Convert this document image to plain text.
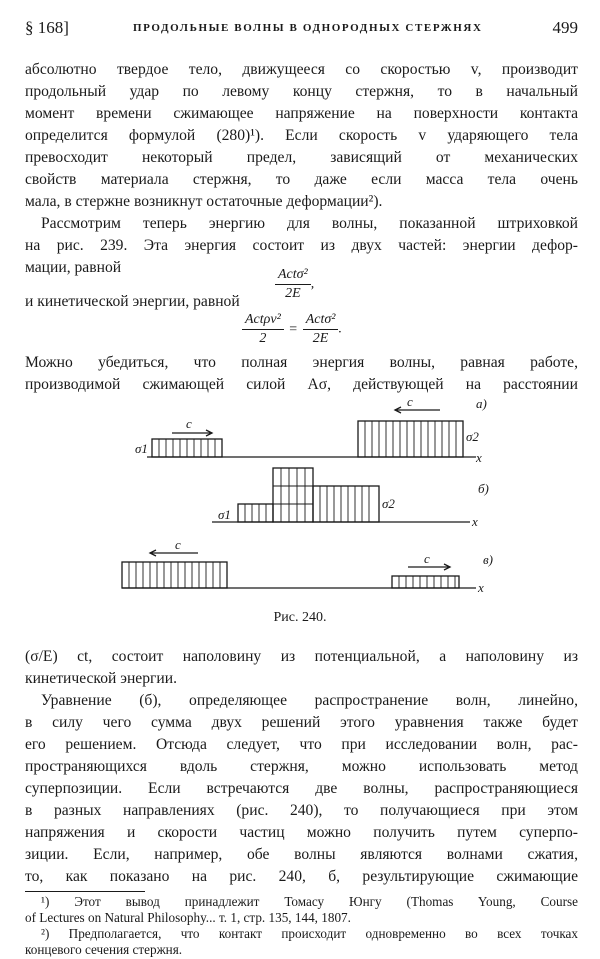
§ 168]	ПРОДОЛЬНЫЕ ВОЛНЫ В ОДНОРОДНЫХ СТЕРЖНЯХ	499
абсолютно твердое тело, движущееся со скоростью v, производит
продольный удар по левому концу стержня, то в начальный
момент времени сжимающее напряжение на поверхности контакта
определится формулой (280)¹). Если скорость v ударяющего тела
превосходит некоторый предел, зависящий от механических
свойств материала стержня, то даже если масса тела очень
мала, в стержне возникнут остаточные деформации²).
Рассмотрим теперь энергию для волны, показанной штриховкой
на рис. 239. Эта энергия состоит из двух частей: энергии дефор-
мации, равной	$\frac{\text{Actσ²}}{2E}$ ,
и кинетической энергии, равной
$\frac{\text{Actρv²}}{2} = \frac{\text{Actσ²}}{2E}$ .
Можно убедиться, что полная энергия волны, равная работе,
производимой сжимающей силой Aσ, действующей на расстоянии
c
c
σ1
σ2
x
а)
σ1
σ2
x
б)
c
c
x
в)
Рис. 240.
(σ/E) ct, состоит наполовину из потенциальной, а наполовину из
кинетической энергии.
Уравнение (б), определяющее распространение волн, линейно,
в силу чего сумма двух решений этого уравнения также будет
его решением. Отсюда следует, что при исследовании волн, рас-
пространяющихся вдоль стержня, можно использовать метод
суперпозиции. Если встречаются две волны, распространяющиеся
в разных направлениях (рис. 240), то получающиеся при этом
напряжения и скорости частиц можно получить путем суперпо-
зиции. Если, например, обе волны являются волнами сжатия,
то, как показано на рис. 240, б, результирующие сжимающие
¹) Этот вывод принадлежит Томасу Юнгу (Thomas Young, Course
of Lectures on Natural Philosophy... т. 1, стр. 135, 144, 1807.
²) Предполагается, что контакт происходит одновременно во всех точках
концевого сечения стержня.
